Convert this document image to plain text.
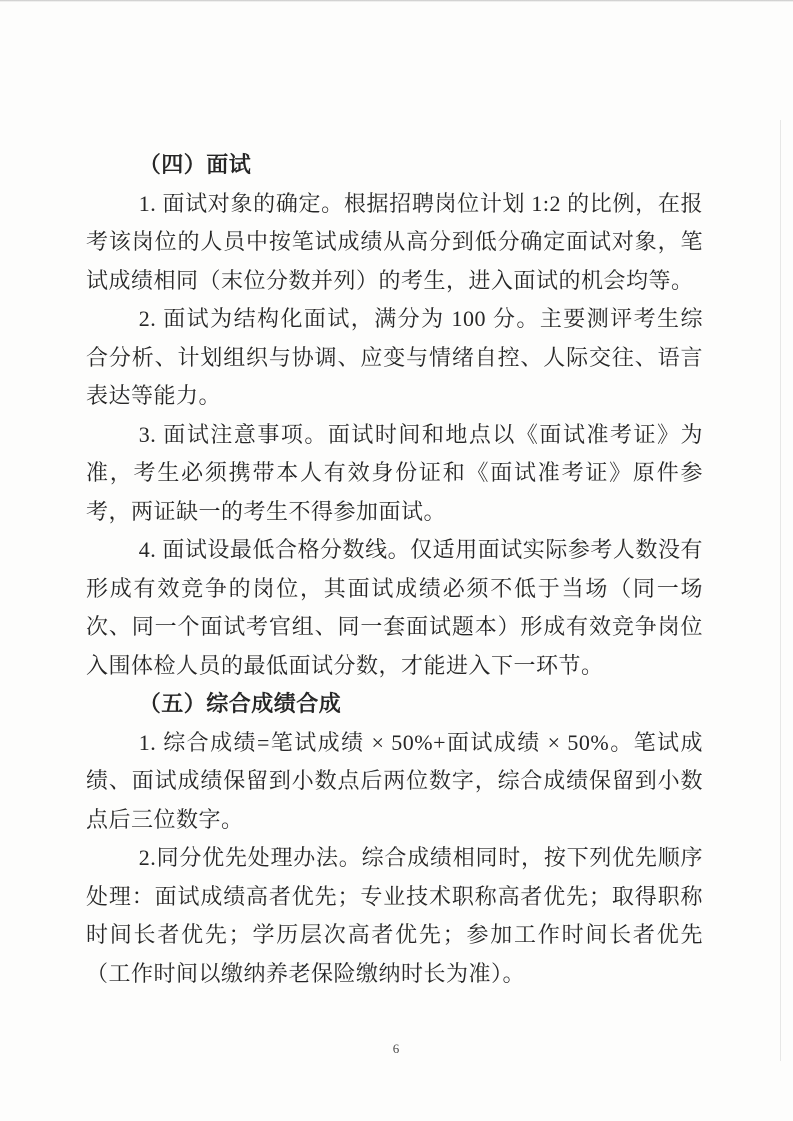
（四）面试

1. 面试对象的确定。根据招聘岗位计划 1:2 的比例，在报考该岗位的人员中按笔试成绩从高分到低分确定面试对象，笔试成绩相同（末位分数并列）的考生，进入面试的机会均等。

2. 面试为结构化面试，满分为 100 分。主要测评考生综合分析、计划组织与协调、应变与情绪自控、人际交往、语言表达等能力。

3. 面试注意事项。面试时间和地点以《面试准考证》为准，考生必须携带本人有效身份证和《面试准考证》原件参考，两证缺一的考生不得参加面试。

4. 面试设最低合格分数线。仅适用面试实际参考人数没有形成有效竞争的岗位，其面试成绩必须不低于当场（同一场次、同一个面试考官组、同一套面试题本）形成有效竞争岗位入围体检人员的最低面试分数，才能进入下一环节。

（五）综合成绩合成

1. 综合成绩=笔试成绩 × 50%+面试成绩 × 50%。笔试成绩、面试成绩保留到小数点后两位数字，综合成绩保留到小数点后三位数字。

2.同分优先处理办法。综合成绩相同时，按下列优先顺序处理：面试成绩高者优先；专业技术职称高者优先；取得职称时间长者优先；学历层次高者优先；参加工作时间长者优先（工作时间以缴纳养老保险缴纳时长为准）。

6
